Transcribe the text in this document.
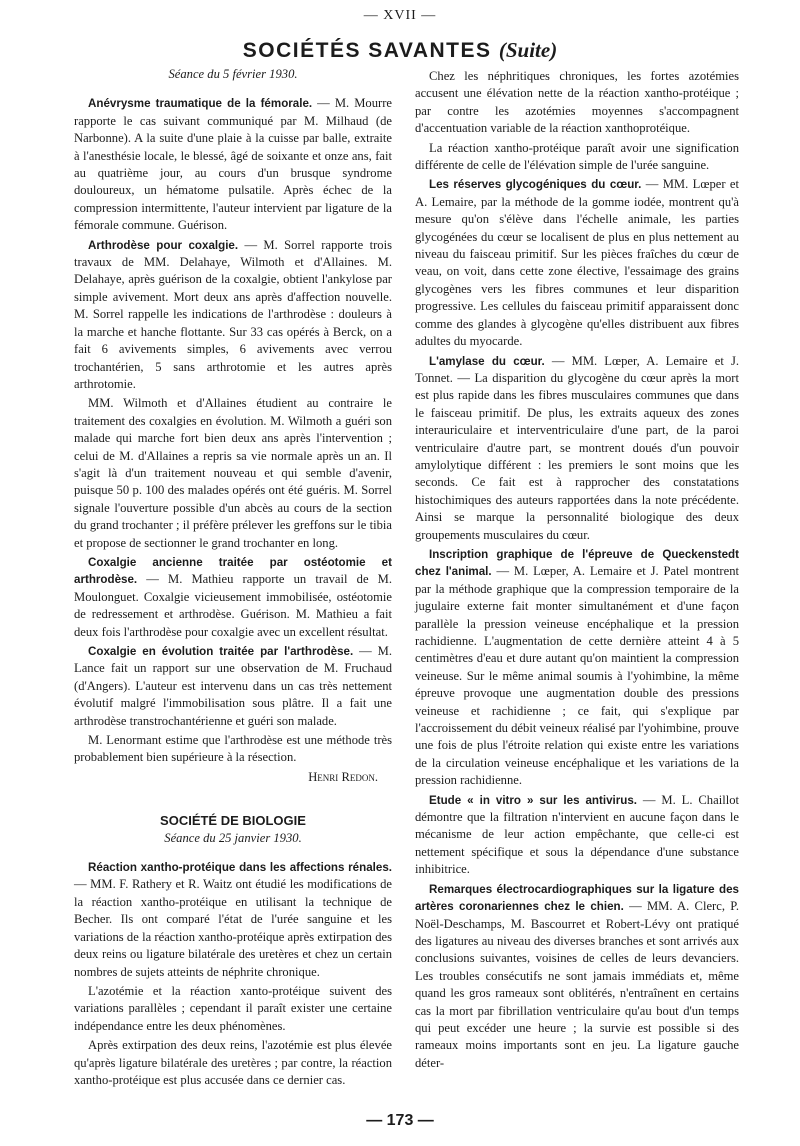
— XVII —
SOCIÉTÉS SAVANTES (Suite)

Séance du 5 février 1930.

Anévrysme traumatique de la fémorale. — M. Mourre rapporte le cas suivant communiqué par M. Milhaud (de Narbonne). A la suite d'une plaie à la cuisse par balle, extraite à l'anesthésie locale, le blessé, âgé de soixante et onze ans, fait au quatrième jour, au cours d'un brusque syndrome douloureux, un hématome pulsatile. Après échec de la compression intermittente, l'auteur intervient par ligature de la fémorale commune. Guérison.

Arthrodèse pour coxalgie. — M. Sorrel rapporte trois travaux de MM. Delahaye, Wilmoth et d'Allaines. M. Delahaye, après guérison de la coxalgie, obtient l'ankylose par simple avivement. Mort deux ans après d'affection nouvelle. M. Sorrel rappelle les indications de l'arthrodèse : douleurs à la marche et hanche flottante. Sur 33 cas opérés à Berck, on a fait 6 avivements simples, 6 avivements avec verrou trochantérien, 5 sans arthrotomie et les autres après arthrotomie.

MM. Wilmoth et d'Allaines étudient au contraire le traitement des coxalgies en évolution. M. Wilmoth a guéri son malade qui marche fort bien deux ans après l'intervention ; celui de M. d'Allaines a repris sa vie normale après un an. Il s'agit là d'un traitement nouveau et qui semble d'avenir, puisque 50 p. 100 des malades opérés ont été guéris. M. Sorrel signale l'ouverture possible d'un abcès au cours de la section du grand trochanter ; il préfère prélever les greffons sur le tibia et propose de sectionner le grand trochanter en long.

Coxalgie ancienne traitée par ostéotomie et arthrodèse. — M. Mathieu rapporte un travail de M. Moulonguet. Coxalgie vicieusement immobilisée, ostéotomie de redressement et arthrodèse. Guérison. M. Mathieu a fait deux fois l'arthrodèse pour coxalgie avec un excellent résultat.

Coxalgie en évolution traitée par l'arthrodèse. — M. Lance fait un rapport sur une observation de M. Fruchaud (d'Angers). L'auteur est intervenu dans un cas très nettement évolutif malgré l'immobilisation sous plâtre. Il a fait une arthrodèse transtrochantérienne et guéri son malade.

M. Lenormant estime que l'arthrodèse est une méthode très probablement bien supérieure à la résection.

Henri Redon.

SOCIÉTÉ DE BIOLOGIE

Séance du 25 janvier 1930.

Réaction xantho-protéique dans les affections rénales. — MM. F. Rathery et R. Waitz ont étudié les modifications de la réaction xantho-protéique en utilisant la technique de Becher. Ils ont comparé l'état de l'urée sanguine et les variations de la réaction xantho-protéique après extirpation des deux reins ou ligature bilatérale des uretères et chez un certain nombres de sujets atteints de néphrite chronique.

L'azotémie et la réaction xanto-protéique suivent des variations parallèles ; cependant il paraît exister une certaine indépendance entre les deux phénomènes.

Après extirpation des deux reins, l'azotémie est plus élevée qu'après ligature bilatérale des uretères ; par contre, la réaction xantho-protéique est plus accusée dans ce dernier cas.

Chez les néphritiques chroniques, les fortes azotémies accusent une élévation nette de la réaction xantho-protéique ; par contre les azotémies moyennes s'accompagnent d'accentuation variable de la réaction xanthoprotéique.

La réaction xantho-protéique paraît avoir une signification différente de celle de l'élévation simple de l'urée sanguine.

Les réserves glycogéniques du cœur. — MM. Lœper et A. Lemaire, par la méthode de la gomme iodée, montrent qu'à mesure qu'on s'élève dans l'échelle animale, les parties glycogénées du cœur se localisent de plus en plus nettement au niveau du faisceau primitif. Sur les pièces fraîches du cœur de veau, on voit, dans cette zone élective, l'essaimage des grains glycogènes vers les fibres communes et leur disparition progressive. Les cellules du faisceau primitif apparaissent donc comme des glandes à glycogène qu'elles distribuent aux fibres adultes du myocarde.

L'amylase du cœur. — MM. Lœper, A. Lemaire et J. Tonnet. — La disparition du glycogène du cœur après la mort est plus rapide dans les fibres musculaires communes que dans le faisceau primitif. De plus, les extraits aqueux des zones interauriculaire et interventriculaire d'une part, de la paroi ventriculaire d'autre part, se montrent doués d'un pouvoir amylolytique différent : les premiers le sont moins que les seconds. Ce fait est à rapprocher des constatations histochimiques des auteurs rapportées dans la note précédente. Ainsi se marque la personnalité biologique des deux groupements musculaires du cœur.

Inscription graphique de l'épreuve de Queckenstedt chez l'animal. — M. Lœper, A. Lemaire et J. Patel montrent par la méthode graphique que la compression temporaire de la jugulaire externe fait monter simultanément et d'une façon parallèle la pression veineuse encéphalique et la pression rachidienne. L'augmentation de cette dernière atteint 4 à 5 centimètres d'eau et dure autant qu'on maintient la compression veineuse. Sur le même animal soumis à l'yohimbine, la même épreuve provoque une augmentation double des pressions veineuse et rachidienne ; ce fait, qui s'explique par l'accroissement du débit veineux réalisé par l'yohimbine, prouve une fois de plus l'étroite relation qui existe entre les variations de la circulation veineuse encéphalique et les variations de la pression rachidienne.

Etude « in vitro » sur les antivirus. — M. L. Chaillot démontre que la filtration n'intervient en aucune façon dans le mécanisme de leur action empêchante, que celle-ci est nettement spécifique et sous la dépendance d'une substance inhibitrice.

Remarques électrocardiographiques sur la ligature des artères coronariennes chez le chien. — MM. A. Clerc, P. Noël-Deschamps, M. Bascourret et Robert-Lévy ont pratiqué des ligatures au niveau des diverses branches et sont arrivés aux conclusions suivantes, voisines de celles de leurs devanciers. Les troubles consécutifs ne sont jamais immédiats et, même quand les gros rameaux sont oblitérés, n'entraînent en certains cas la mort par fibrillation ventriculaire qu'au bout d'un temps qui peut excéder une heure ; la survie est possible si des rameaux moins importants sont en jeu. La ligature gauche déter-

— 173 —
